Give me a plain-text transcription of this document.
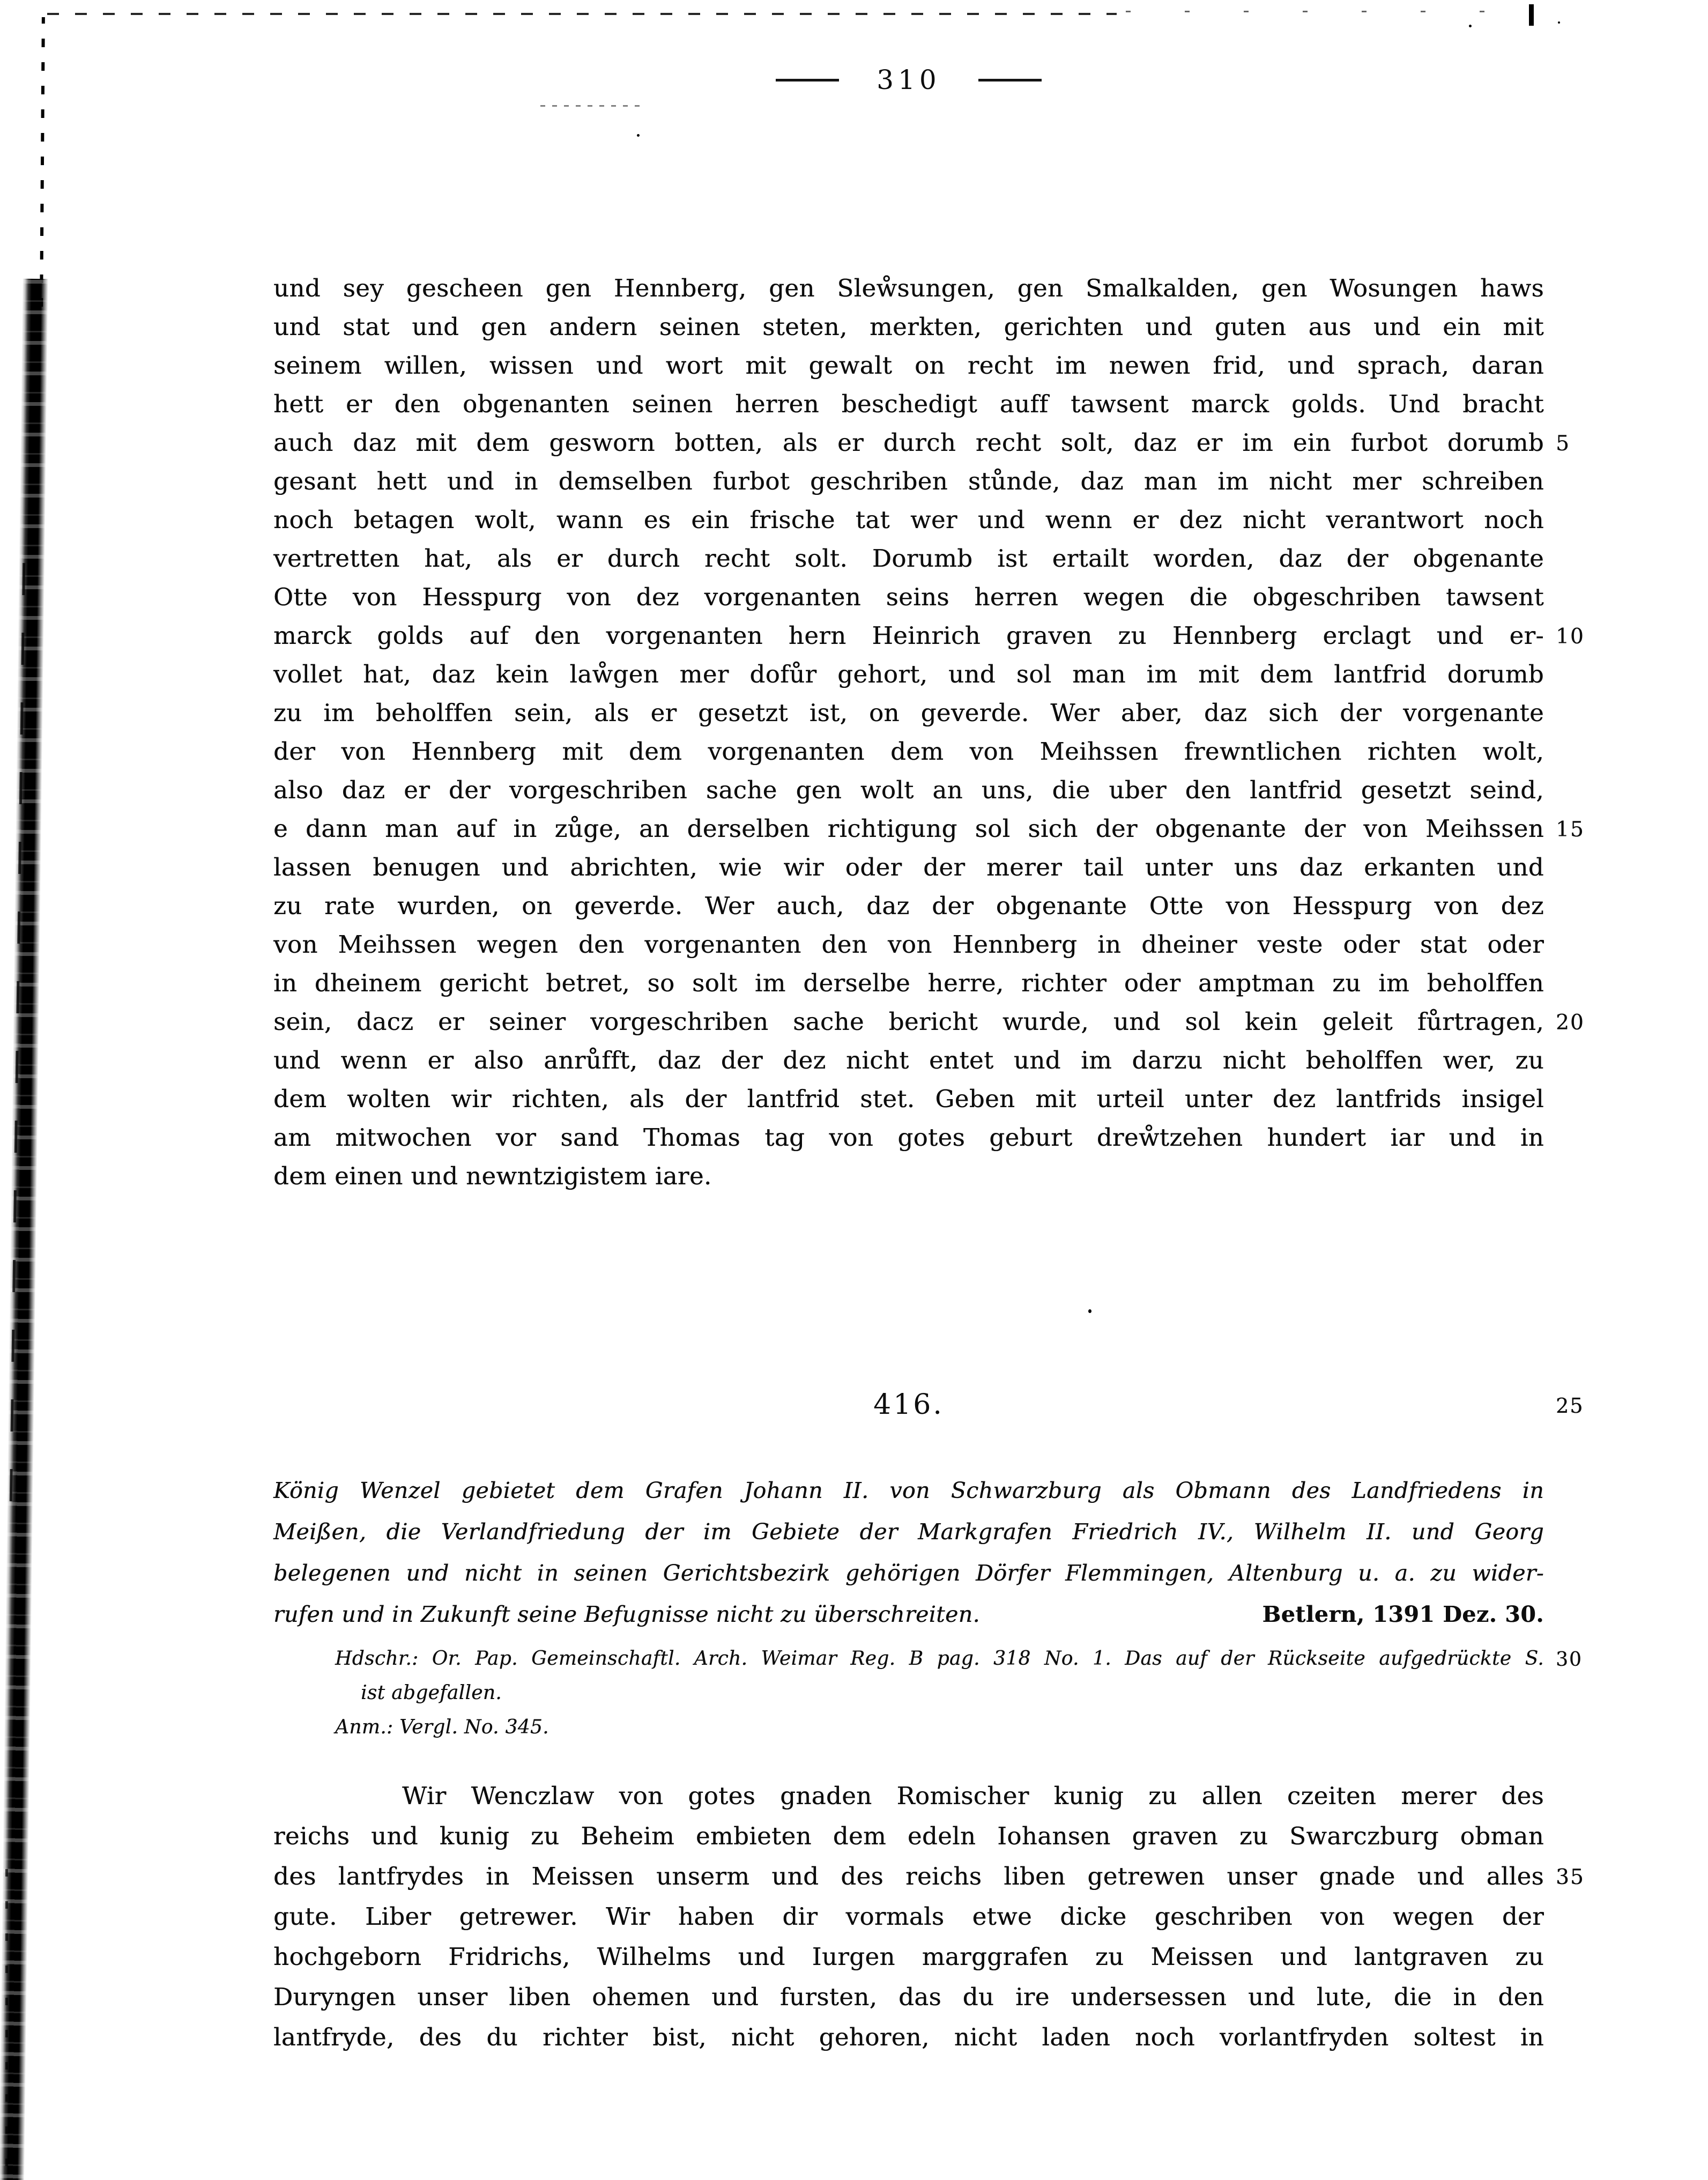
310
und sey gescheen gen Hennberg, gen Sleẘsungen, gen Smalkalden, gen Wosungen haws
und stat und gen andern seinen steten, merkten, gerichten und guten aus und ein mit
seinem willen, wissen und wort mit gewalt on recht im newen frid, und sprach, daran
hett er den obgenanten seinen herren beschedigt auff tawsent marck golds. Und bracht
auch daz mit dem gesworn botten, als er durch recht solt, daz er im ein furbot dorumb 5
gesant hett und in demselben furbot geschriben stůnde, daz man im nicht mer schreiben
noch betagen wolt, wann es ein frische tat wer und wenn er dez nicht verantwort noch
vertretten hat, als er durch recht solt. Dorumb ist ertailt worden, daz der obgenante
Otte von Hesspurg von dez vorgenanten seins herren wegen die obgeschriben tawsent
marck golds auf den vorgenanten hern Heinrich graven zu Hennberg erclagt und er- 10
vollet hat, daz kein laẘgen mer dofůr gehort, und sol man im mit dem lantfrid dorumb
zu im beholffen sein, als er gesetzt ist, on geverde. Wer aber, daz sich der vorgenante
der von Hennberg mit dem vorgenanten dem von Meihssen frewntlichen richten wolt,
also daz er der vorgeschriben sache gen wolt an uns, die uber den lantfrid gesetzt seind,
e dann man auf in zůge, an derselben richtigung sol sich der obgenante der von Meihssen 15
lassen benugen und abrichten, wie wir oder der merer tail unter uns daz erkanten und
zu rate wurden, on geverde. Wer auch, daz der obgenante Otte von Hesspurg von dez
von Meihssen wegen den vorgenanten den von Hennberg in dheiner veste oder stat oder
in dheinem gericht betret, so solt im derselbe herre, richter oder amptman zu im beholffen
sein, dacz er seiner vorgeschriben sache bericht wurde, und sol kein geleit fůrtragen, 20
und wenn er also anrůfft, daz der dez nicht entet und im darzu nicht beholffen wer, zu
dem wolten wir richten, als der lantfrid stet. Geben mit urteil unter dez lantfrids insigel
am mitwochen vor sand Thomas tag von gotes geburt dreẘtzehen hundert iar und in
dem einen und newntzigistem iare.
416.	25
König Wenzel gebietet dem Grafen Johann II. von Schwarzburg als Obmann des Landfriedens in
Meißen, die Verlandfriedung der im Gebiete der Markgrafen Friedrich IV., Wilhelm II. und Georg
belegenen und nicht in seinen Gerichtsbezirk gehörigen Dörfer Flemmingen, Altenburg u. a. zu wider-
rufen und in Zukunft seine Befugnisse nicht zu überschreiten.	Betlern, 1391 Dez. 30.
Hdschr.: Or. Pap. Gemeinschaftl. Arch. Weimar Reg. B pag. 318 No. 1. Das auf der Rückseite aufgedrückte S. 30
ist abgefallen.
Anm.: Vergl. No. 345.
Wir Wenczlaw von gotes gnaden Romischer kunig zu allen czeiten merer des
reichs und kunig zu Beheim embieten dem edeln Iohansen graven zu Swarczburg obman
des lantfrydes in Meissen unserm und des reichs liben getrewen unser gnade und alles 35
gute. Liber getrewer. Wir haben dir vormals etwe dicke geschriben von wegen der
hochgeborn Fridrichs, Wilhelms und Iurgen marggrafen zu Meissen und lantgraven zu
Duryngen unser liben ohemen und fursten, das du ire undersessen und lute, die in den
lantfryde, des du richter bist, nicht gehoren, nicht laden noch vorlantfryden soltest in
